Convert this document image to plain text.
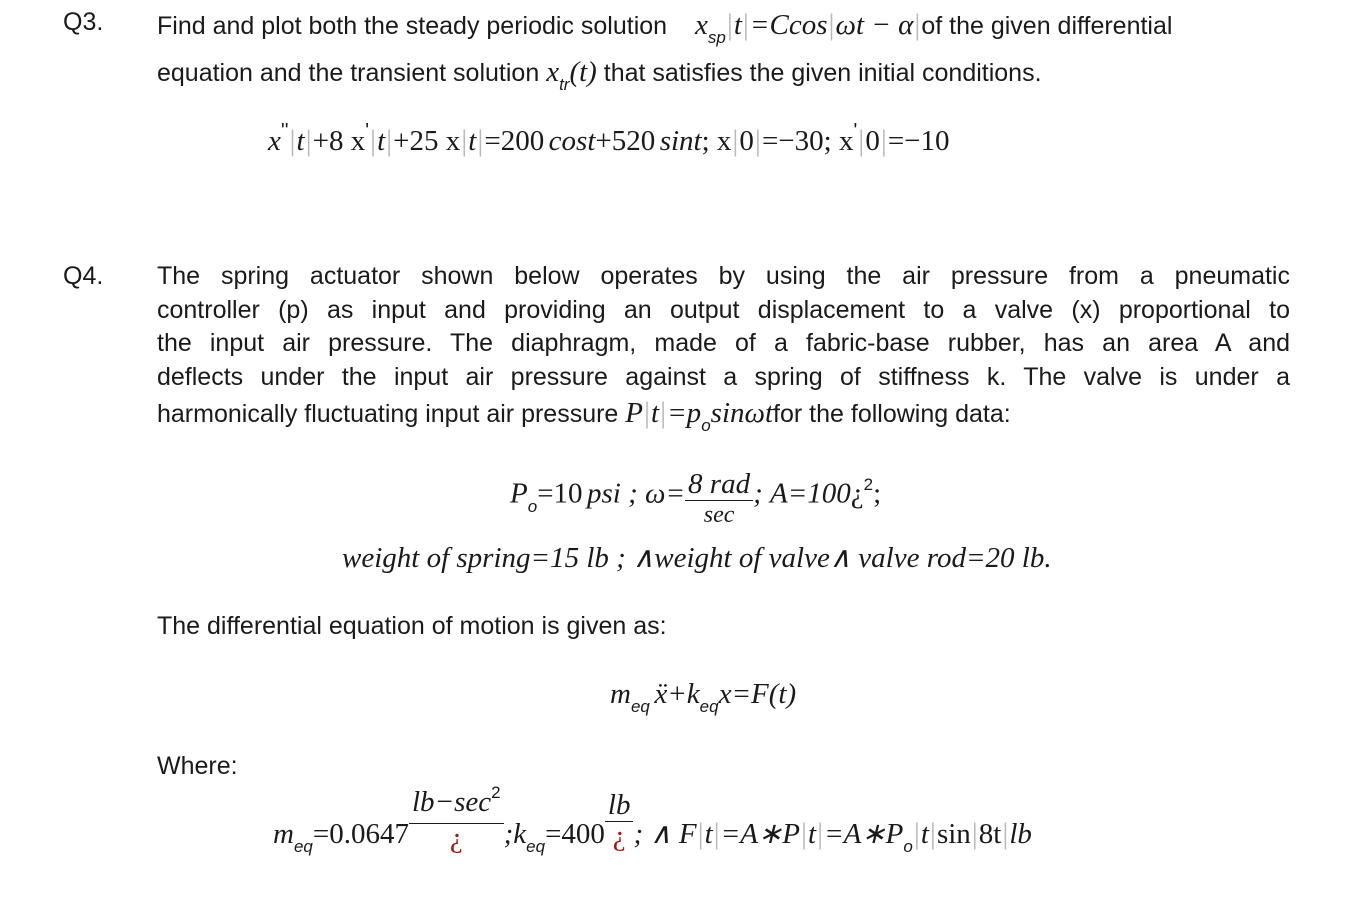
Q3. Find and plot both the steady periodic solution $x_{sp}|t|=Ccos|\omega t - \alpha|of$ the given differential
equation and the transient solution $x_{tr}(t)$ that satisfies the given initial conditions.
x''|t|+8 x'|t|+25 x|t|=200 cost+520 sint; x|0|=−30; x'|0|=−10
Q4. The spring actuator shown below operates by using the air pressure from a pneumatic
controller (p) as input and providing an output displacement to a valve (x) proportional to
the input air pressure. The diaphragm, made of a fabric-base rubber, has an area A and
deflects under the input air pressure against a spring of stiffness k. The valve is under a
harmonically fluctuating input air pressure $P|t|=p_o\sin\omega tfor$ the following data:
Po=10 psi ; $\omega= \frac{\text{8 rad}}{\sec}$ ; A=100¿2;
weight of spring=15 lb ; ∧weight of valve∧ valve rod=20 lb.
The differential equation of motion is given as:
meq ẍ+keqx=F(t)
Where:
$meq=0.0647 \frac{lb-\sec 2}{¿}$ ;keq=400 $\frac{lb}{¿}$ ; ∧ F|t|=A∗P|t|=A∗Po|t|sin|8t|lb
